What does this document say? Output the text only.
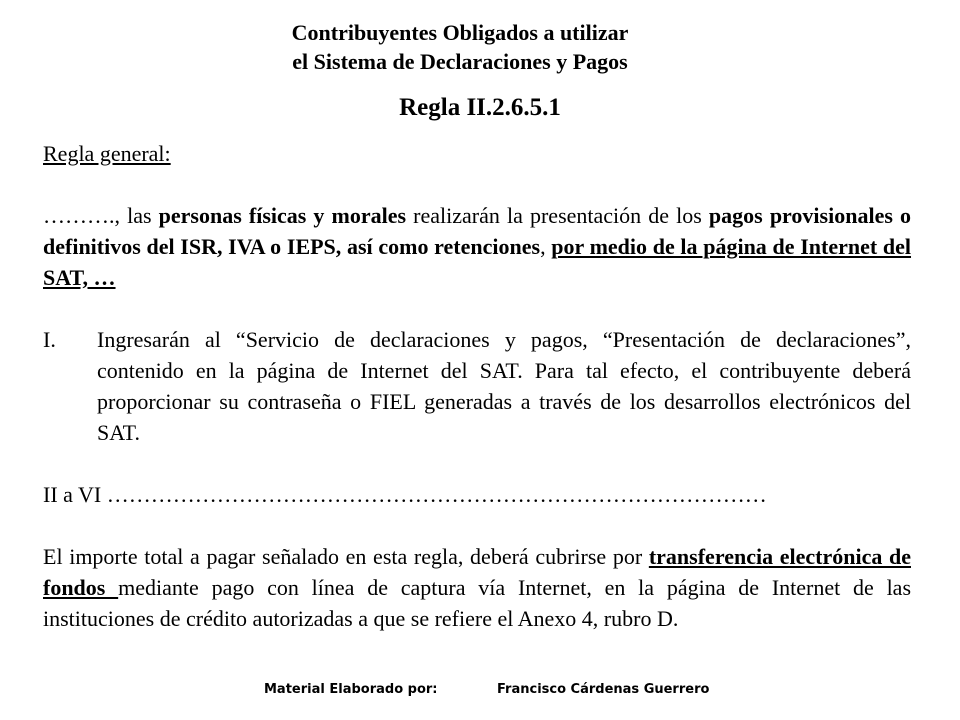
Contribuyentes Obligados a utilizar
el Sistema de Declaraciones y Pagos
Regla II.2.6.5.1

Regla general:

………., las personas físicas y morales realizarán la presentación de los pagos provisionales o definitivos del ISR, IVA o IEPS, así como retenciones, por medio de la página de Internet del SAT, …

I.	Ingresarán al “Servicio de declaraciones y pagos, “Presentación de declaraciones”, contenido en la página de Internet del SAT. Para tal efecto, el contribuyente deberá proporcionar su contraseña o FIEL generadas a través de los desarrollos electrónicos del SAT.

II a VI ………………………………………………………………………………

El importe total a pagar señalado en esta regla, deberá cubrirse por transferencia electrónica de fondos mediante pago con línea de captura vía Internet, en la página de Internet de las instituciones de crédito autorizadas a que se refiere el Anexo 4, rubro D.

Material Elaborado por:	Francisco Cárdenas Guerrero
